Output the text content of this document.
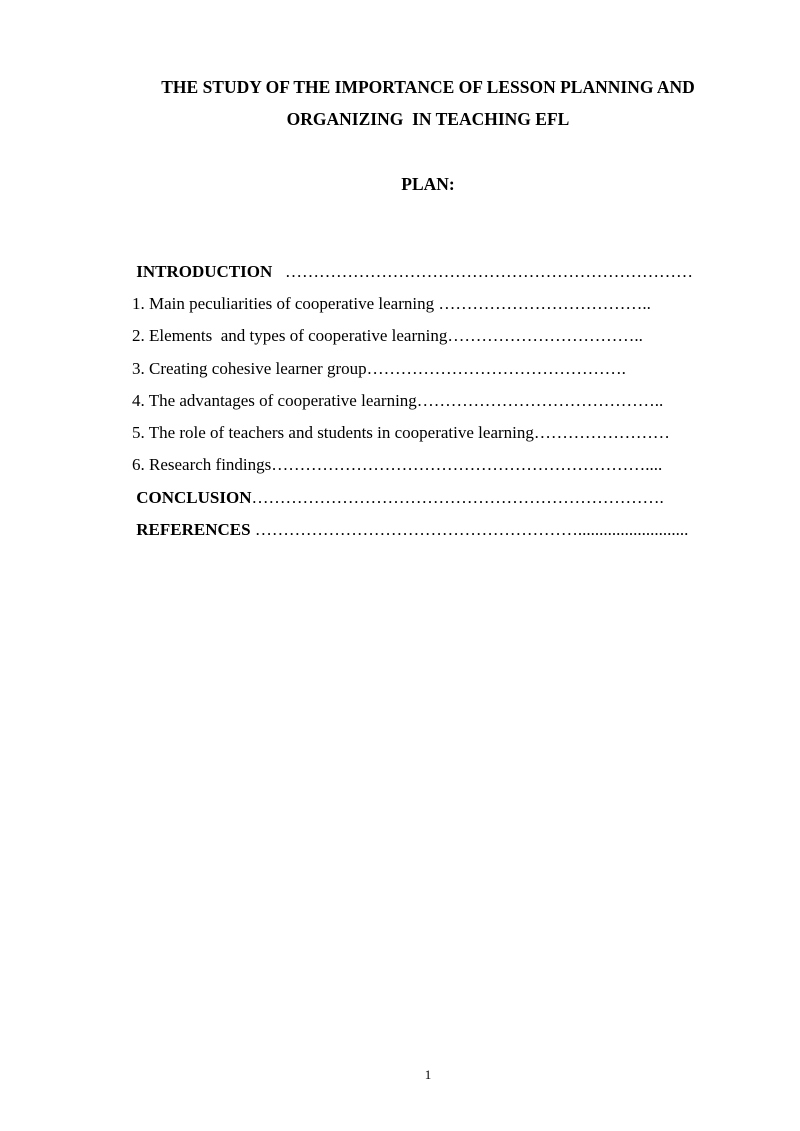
THE STUDY OF THE IMPORTANCE OF LESSON PLANNING AND
ORGANIZING  IN TEACHING EFL
PLAN:

INTRODUCTION   ………………………………………………………………

1. Main peculiarities of cooperative learning ………………………………..

2. Elements  and types of cooperative learning……………………………..

3. Creating cohesive learner group……………………………………….

4. The advantages of cooperative learning……………………………………..

5. The role of teachers and students in cooperative learning……………………

6. Research findings…………………………………………………………....

CONCLUSION……………………………………………………………….

REFERENCES …………………………………………………..........................

1
